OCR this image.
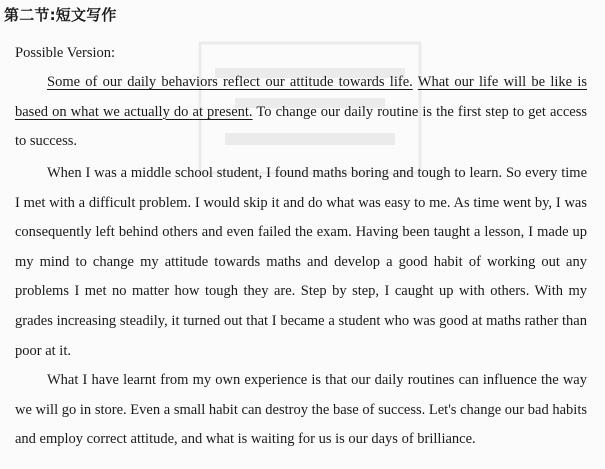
第二节:短文写作
Possible Version:

Some of our daily behaviors reflect our attitude towards life. What our life will be like is based on what we actually do at present. To change our daily routine is the first step to get access to success.

When I was a middle school student, I found maths boring and tough to learn. So every time I met with a difficult problem. I would skip it and do what was easy to me. As time went by, I was consequently left behind others and even failed the exam. Having been taught a lesson, I made up my mind to change my attitude towards maths and develop a good habit of working out any problems I met no matter how tough they are. Step by step, I caught up with others. With my grades increasing steadily, it turned out that I became a student who was good at maths rather than poor at it.

What I have learnt from my own experience is that our daily routines can influence the way we will go in store. Even a small habit can destroy the base of success. Let's change our bad habits and employ correct attitude, and what is waiting for us is our days of brilliance.
